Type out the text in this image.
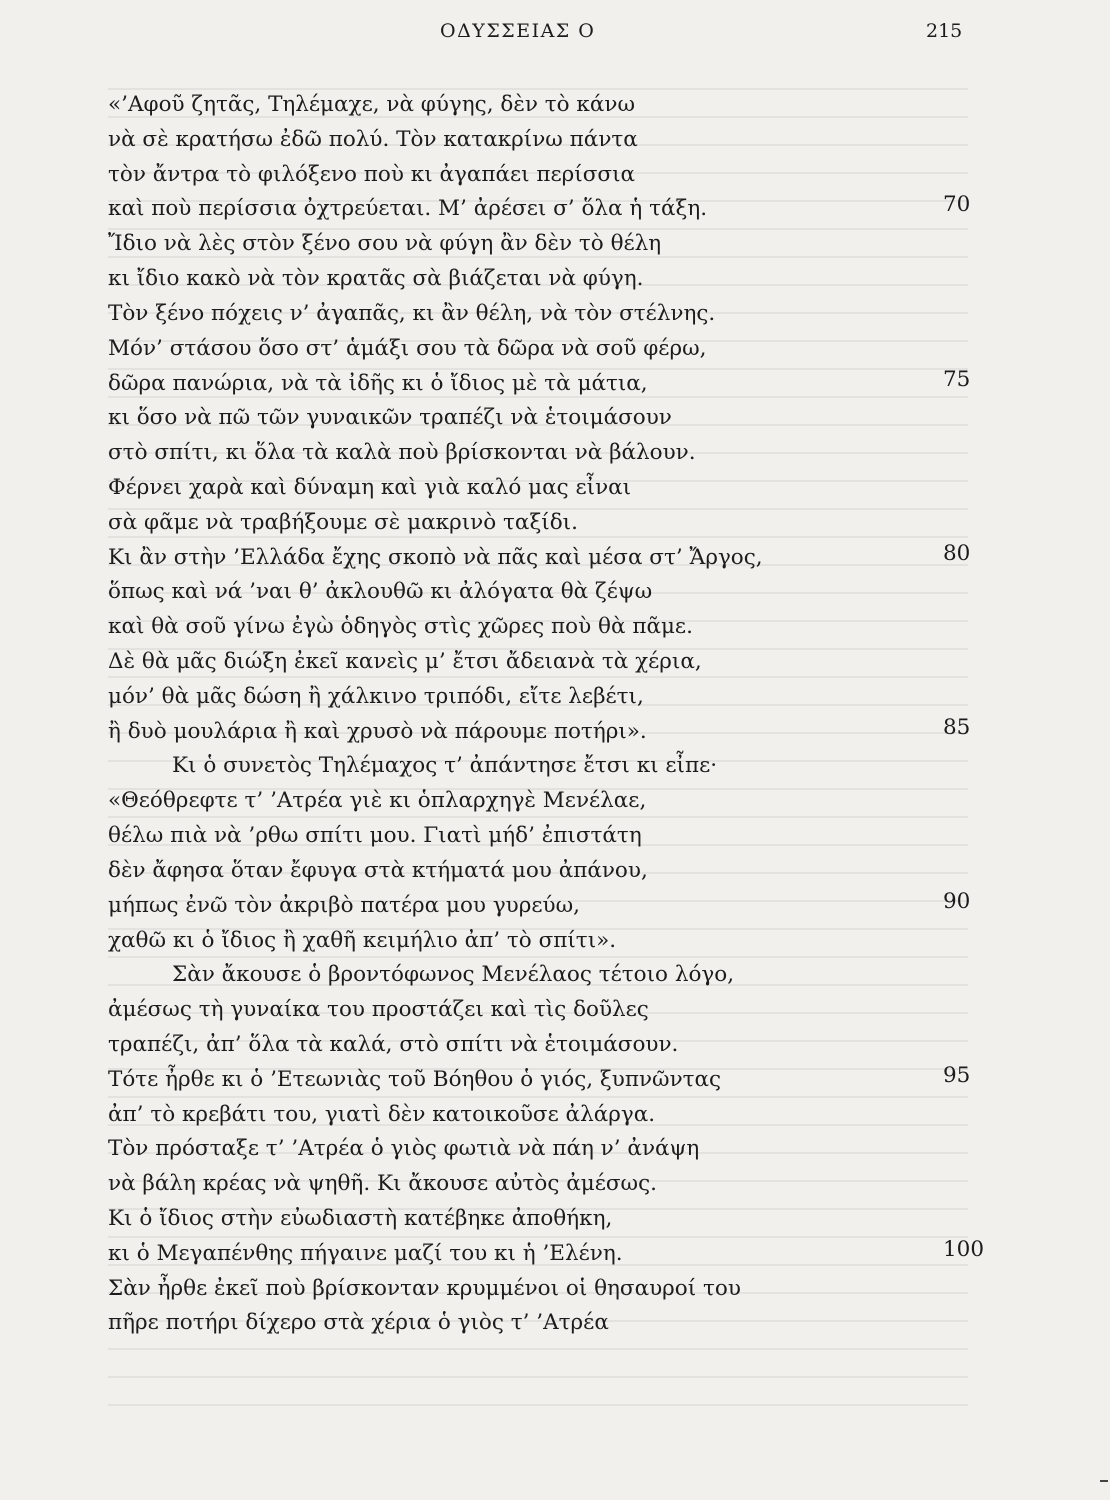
ΟΔΥΣΣΕΙΑΣ Ο	215
«’Αφοῦ ζητᾶς, Τηλέμαχε, νὰ φύγης, δὲν τὸ κάνω
νὰ σὲ κρατήσω ἐδῶ πολύ. Τὸν κατακρίνω πάντα
τὸν ἄντρα τὸ φιλόξενο ποὺ κι ἀγαπάει περίσσια
καὶ ποὺ περίσσια ὀχτρεύεται. Μ’ ἀρέσει σ’ ὅλα ἡ τάξη.	70
Ἴδιο νὰ λὲς στὸν ξένο σου νὰ φύγη ἂν δὲν τὸ θέλη
κι ἴδιο κακὸ νὰ τὸν κρατᾶς σὰ βιάζεται νὰ φύγη.
Τὸν ξένο πόχεις ν’ ἀγαπᾶς, κι ἂν θέλη, νὰ τὸν στέλνης.
Μόν’ στάσου ὅσο στ’ ἁμάξι σου τὰ δῶρα νὰ σοῦ φέρω,
δῶρα πανώρια, νὰ τὰ ἰδῆς κι ὁ ἴδιος μὲ τὰ μάτια,	75
κι ὅσο νὰ πῶ τῶν γυναικῶν τραπέζι νὰ ἑτοιμάσουν
στὸ σπίτι, κι ὅλα τὰ καλὰ ποὺ βρίσκονται νὰ βάλουν.
Φέρνει χαρὰ καὶ δύναμη καὶ γιὰ καλό μας εἶναι
σὰ φᾶμε νὰ τραβήξουμε σὲ μακρινὸ ταξίδι.
Κι ἂν στὴν ’Ελλάδα ἔχης σκοπὸ νὰ πᾶς καὶ μέσα στ’ Ἄργος,	80
ὅπως καὶ νά ’ναι θ’ ἀκλουθῶ κι ἀλόγατα θὰ ζέψω
καὶ θὰ σοῦ γίνω ἐγὼ ὁδηγὸς στὶς χῶρες ποὺ θὰ πᾶμε.
Δὲ θὰ μᾶς διώξη ἐκεῖ κανεὶς μ’ ἔτσι ἄδειανὰ τὰ χέρια,
μόν’ θὰ μᾶς δώση ἢ χάλκινο τριπόδι, εἴτε λεβέτι,
ἢ δυὸ μουλάρια ἢ καὶ χρυσὸ νὰ πάρουμε ποτήρι».	85
Κι ὁ συνετὸς Τηλέμαχος τ’ ἀπάντησε ἔτσι κι εἶπε·
«Θεόθρεφτε τ’ ’Ατρέα γιὲ κι ὁπλαρχηγὲ Μενέλαε,
θέλω πιὰ νὰ ’ρθω σπίτι μου. Γιατὶ μήδ’ ἐπιστάτη
δὲν ἄφησα ὅταν ἔφυγα στὰ κτήματά μου ἀπάνου,
μήπως ἐνῶ τὸν ἀκριβὸ πατέρα μου γυρεύω,	90
χαθῶ κι ὁ ἴδιος ἢ χαθῆ κειμήλιο ἀπ’ τὸ σπίτι».
Σὰν ἄκουσε ὁ βροντόφωνος Μενέλαος τέτοιο λόγο,
ἀμέσως τὴ γυναίκα του προστάζει καὶ τὶς δοῦλες
τραπέζι, ἀπ’ ὅλα τὰ καλά, στὸ σπίτι νὰ ἑτοιμάσουν.
Τότε ἦρθε κι ὁ ’Ετεωνιὰς τοῦ Βόηθου ὁ γιός, ξυπνῶντας	95
ἀπ’ τὸ κρεβάτι του, γιατὶ δὲν κατοικοῦσε ἀλάργα.
Τὸν πρόσταξε τ’ ’Ατρέα ὁ γιὸς φωτιὰ νὰ πάη ν’ ἀνάψη
νὰ βάλη κρέας νὰ ψηθῆ. Κι ἄκουσε αὐτὸς ἀμέσως.
Κι ὁ ἴδιος στὴν εὐωδιαστὴ κατέβηκε ἀποθήκη,
κι ὁ Μεγαπένθης πήγαινε μαζί του κι ἡ ’Ελένη.	100
Σὰν ἦρθε ἐκεῖ ποὺ βρίσκονταν κρυμμένοι οἱ θησαυροί του
πῆρε ποτήρι δίχερο στὰ χέρια ὁ γιὸς τ’ ’Ατρέα
